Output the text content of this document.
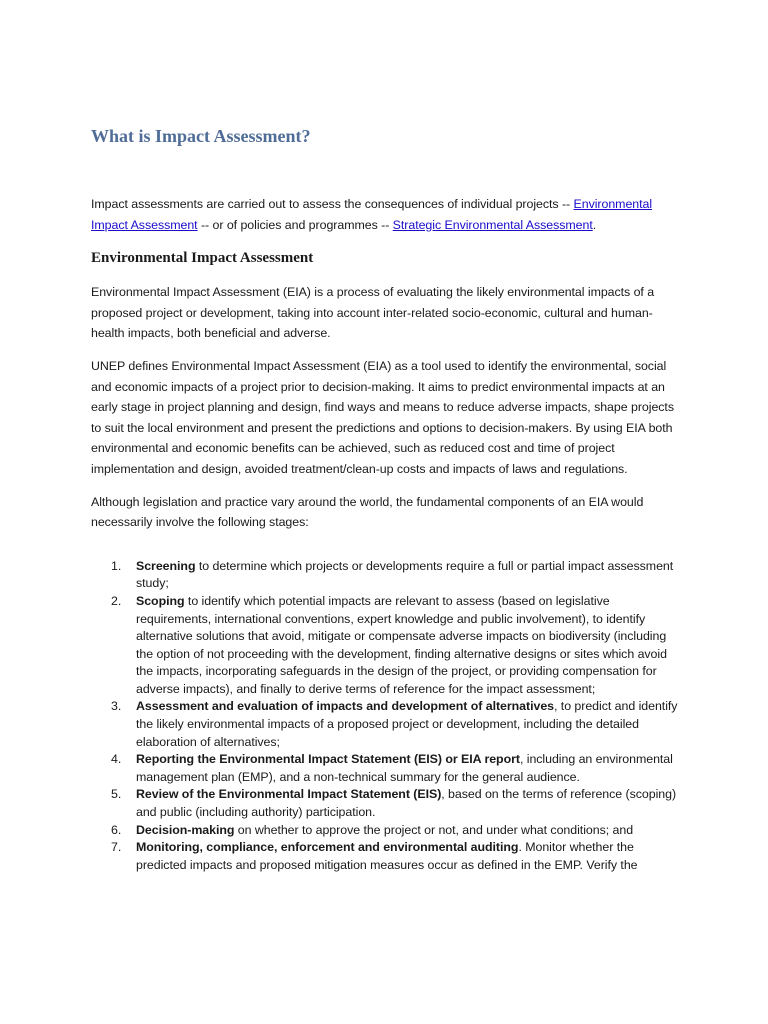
What is Impact Assessment?

Impact assessments are carried out to assess the consequences of individual projects -- Environmental Impact Assessment -- or of policies and programmes -- Strategic Environmental Assessment.

Environmental Impact Assessment

Environmental Impact Assessment (EIA) is a process of evaluating the likely environmental impacts of a proposed project or development, taking into account inter-related socio-economic, cultural and human-health impacts, both beneficial and adverse.

UNEP defines Environmental Impact Assessment (EIA) as a tool used to identify the environmental, social and economic impacts of a project prior to decision-making. It aims to predict environmental impacts at an early stage in project planning and design, find ways and means to reduce adverse impacts, shape projects to suit the local environment and present the predictions and options to decision-makers. By using EIA both environmental and economic benefits can be achieved, such as reduced cost and time of project implementation and design, avoided treatment/clean-up costs and impacts of laws and regulations.

Although legislation and practice vary around the world, the fundamental components of an EIA would necessarily involve the following stages:

1. Screening to determine which projects or developments require a full or partial impact assessment study;
2. Scoping to identify which potential impacts are relevant to assess (based on legislative requirements, international conventions, expert knowledge and public involvement), to identify alternative solutions that avoid, mitigate or compensate adverse impacts on biodiversity (including the option of not proceeding with the development, finding alternative designs or sites which avoid the impacts, incorporating safeguards in the design of the project, or providing compensation for adverse impacts), and finally to derive terms of reference for the impact assessment;
3. Assessment and evaluation of impacts and development of alternatives, to predict and identify the likely environmental impacts of a proposed project or development, including the detailed elaboration of alternatives;
4. Reporting the Environmental Impact Statement (EIS) or EIA report, including an environmental management plan (EMP), and a non-technical summary for the general audience.
5. Review of the Environmental Impact Statement (EIS), based on the terms of reference (scoping) and public (including authority) participation.
6. Decision-making on whether to approve the project or not, and under what conditions; and
7. Monitoring, compliance, enforcement and environmental auditing. Monitor whether the predicted impacts and proposed mitigation measures occur as defined in the EMP. Verify the
